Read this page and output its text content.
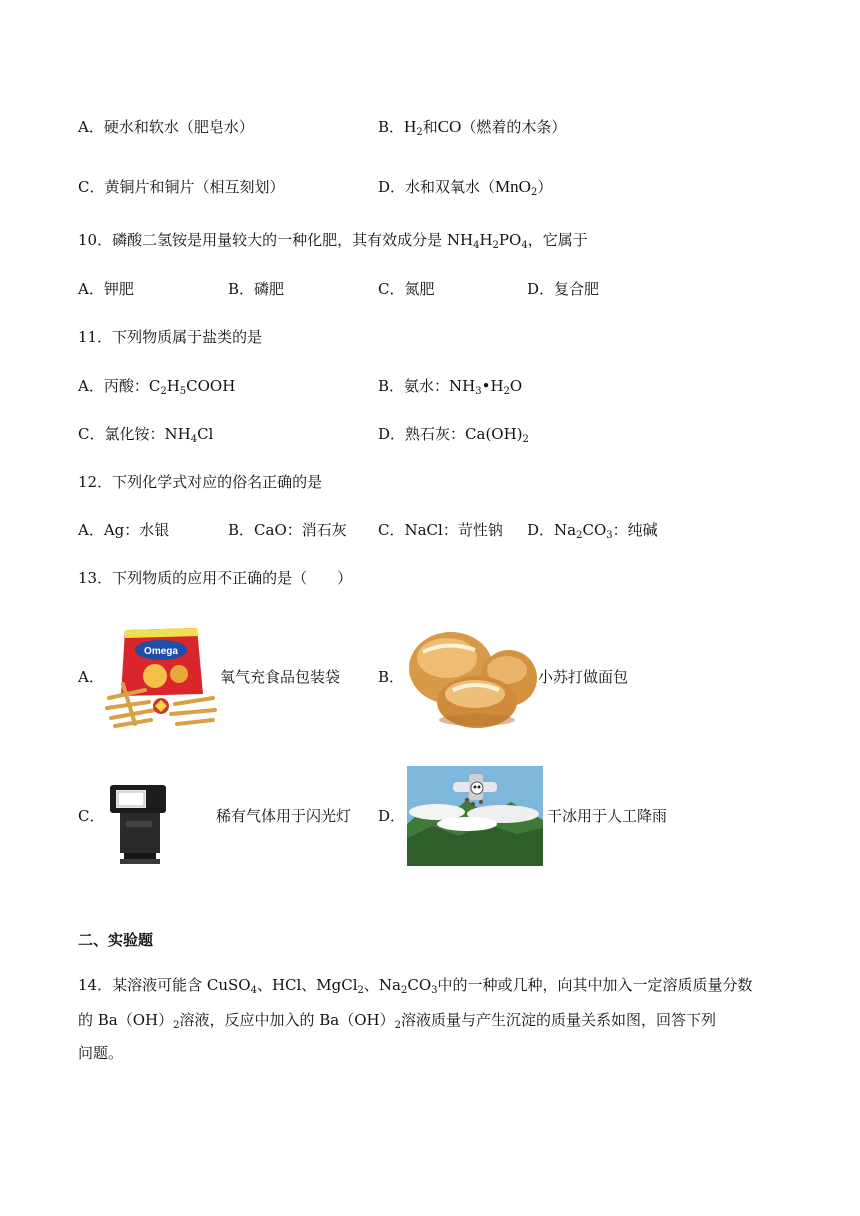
A．硬水和软水（肥皂水）	B．$H_2$和CO（燃着的木条）
C．黄铜片和铜片（相互刻划）	D．水和双氧水（MnO$_2$）
10．磷酸二氢铵是用量较大的一种化肥，其有效成分是 $NH_4H_2PO_4$，它属于
A．钾肥	B．磷肥	C．氮肥	D．复合肥
11．下列物质属于盐类的是
A．丙酸：$C_2H_5COOH$	B．氨水：$NH_3•H_2O$
C．氯化铵：$NH_4Cl$	D．熟石灰：$Ca(OH)_2$
12．下列化学式对应的俗名正确的是
A．Ag：水银	B．CaO：消石灰 C．NaCl：苛性钠 D．$Na_2CO_3$：纯碱
13．下列物质的应用不正确的是（　　）
A．
Omega
氧气充食品包装袋	B．	小苏打做面包
C．	稀有气体用于闪光灯 D．	干冰用于人工降雨
二、实验题
14．某溶液可能含 CuSO$_4$、HCl、MgCl$_2$、$Na_2CO_3$中的一种或几种，向其中加入一定溶质质量分数
的 $Ba(OH)_2$溶液，反应中加入的 $Ba(OH)_2$溶液质量与产生沉淀的质量关系如图，回答下列
问题。
